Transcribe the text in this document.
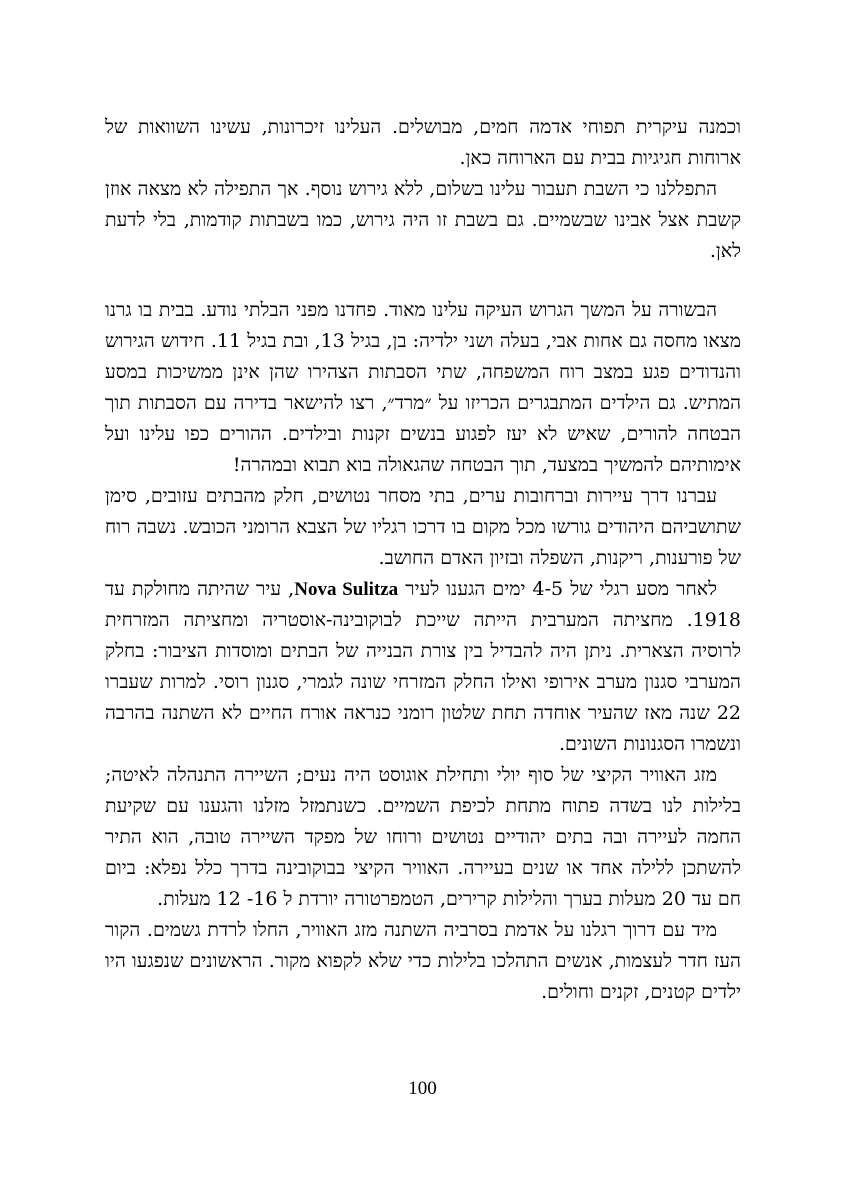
וכמנה עיקרית תפוחי אדמה חמים, מבושלים. העלינו זיכרונות, עשינו השוואות של ארוחות חגיגיות בבית עם הארוחה כאן.

התפללנו כי השבת תעבור עלינו בשלום, ללא גירוש נוסף. אך התפילה לא מצאה אוזן קשבת אצל אבינו שבשמיים. גם בשבת זו היה גירוש, כמו בשבתות קודמות, בלי לדעת לאן.

הבשורה על המשך הגרוש העיקה עלינו מאוד. פחדנו מפני הבלתי נודע. בבית בו גרנו מצאו מחסה גם אחות אבי, בעלה ושני ילדיה: בן, בגיל 13, ובת בגיל 11. חידוש הגירוש והנדודים פגע במצב רוח המשפחה, שתי הסבתות הצהירו שהן אינן ממשיכות במסע המתיש. גם הילדים המתבגרים הכריזו על ״מרד״, רצו להישאר בדירה עם הסבתות תוך הבטחה להורים, שאיש לא יעז לפגוע בנשים זקנות ובילדים. ההורים כפו עלינו ועל אימותיהם להמשיך במצעד, תוך הבטחה שהגאולה בוא תבוא ובמהרה!

עברנו דרך עיירות וברחובות ערים, בתי מסחר נטושים, חלק מהבתים עזובים, סימן שתושביהם היהודים גורשו מכל מקום בו דרכו רגליו של הצבא הרומני הכובש. נשבה רוח של פורענות, ריקנות, השפלה ובזיון האדם החושב.

לאחר מסע רגלי של 4-5 ימים הגענו לעיר Nova Sulitza, עיר שהיתה מחולקת עד 1918. מחציתה המערבית הייתה שייכת לבוקובינה-אוסטריה ומחציתה המזרחית לרוסיה הצארית. ניתן היה להבדיל בין צורת הבנייה של הבתים ומוסדות הציבור: בחלק המערבי סגנון מערב אירופי ואילו החלק המזרחי שונה לגמרי, סגנון רוסי. למרות שעברו 22 שנה מאז שהעיר אוחדה תחת שלטון רומני כנראה אורח החיים לא השתנה בהרבה ונשמרו הסגנונות השונים.

מזג האוויר הקיצי של סוף יולי ותחילת אוגוסט היה נעים; השיירה התנהלה לאיטה; בלילות לנו בשדה פתוח מתחת לכיפת השמיים. כשנתמזל מזלנו והגענו עם שקיעת החמה לעיירה ובה בתים יהודיים נטושים ורוחו של מפקד השיירה טובה, הוא התיר להשתכן ללילה אחד או שנים בעיירה. האוויר הקיצי בבוקובינה בדרך כלל נפלא: ביום חם עד 20 מעלות בערך והלילות קרירים, הטמפרטורה יורדת ל 16- 12 מעלות.

מיד עם דרוך רגלנו על אדמת בסרביה השתנה מזג האוויר, החלו לרדת גשמים. הקור העז חדר לעצמות, אנשים התהלכו בלילות כדי שלא לקפוא מקור. הראשונים שנפגעו היו ילדים קטנים, זקנים וחולים.

100
